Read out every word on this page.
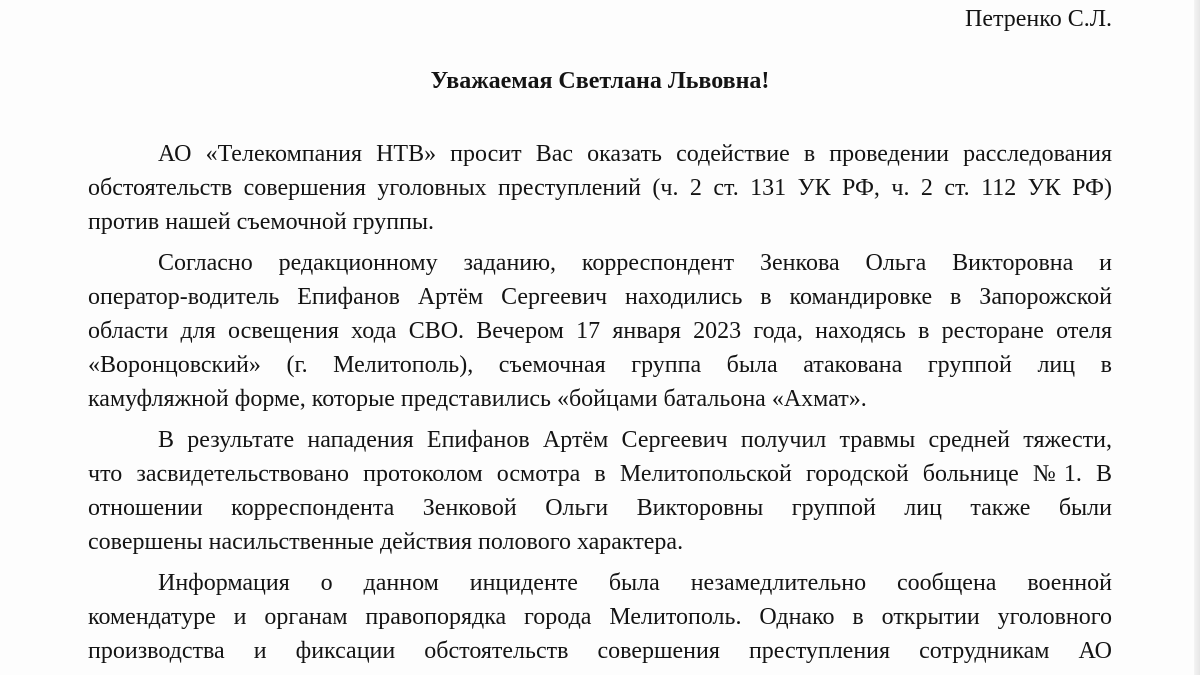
Петренко С.Л.
Уважаемая Светлана Львовна!

АО «Телекомпания НТВ» просит Вас оказать содействие в проведении расследования
обстоятельств совершения уголовных преступлений (ч. 2 ст. 131 УК РФ, ч. 2 ст. 112 УК РФ)
против нашей съемочной группы.

Согласно редакционному заданию, корреспондент Зенкова Ольга Викторовна и
оператор-водитель Епифанов Артём Сергеевич находились в командировке в Запорожской
области для освещения хода СВО. Вечером 17 января 2023 года, находясь в ресторане отеля
«Воронцовский» (г. Мелитополь), съемочная группа была атакована группой лиц в
камуфляжной форме, которые представились «бойцами батальона «Ахмат».

В результате нападения Епифанов Артём Сергеевич получил травмы средней тяжести,
что засвидетельствовано протоколом осмотра в Мелитопольской городской больнице №1. В
отношении корреспондента Зенковой Ольги Викторовны группой лиц также были
совершены насильственные действия полового характера.

Информация о данном инциденте была незамедлительно сообщена военной
комендатуре и органам правопорядка города Мелитополь. Однако в открытии уголовного
производства и фиксации обстоятельств совершения преступления сотрудникам АО
